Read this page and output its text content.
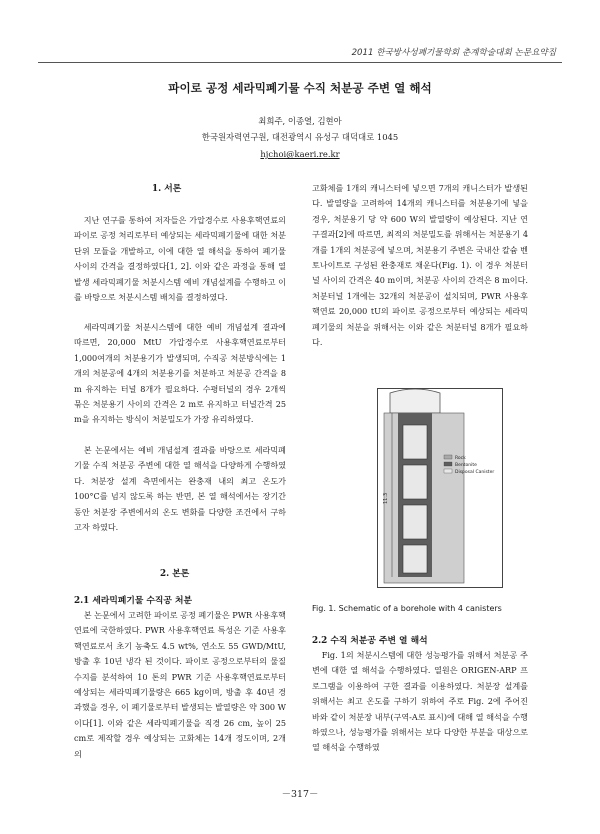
2011 한국방사성폐기물학회 춘계학술대회 논문요약집
파이로 공정 세라믹폐기물 수직 처분공 주변 열 해석
최희주, 이종열, 김현아
한국원자력연구원, 대전광역시 유성구 대덕대로 1045
hjchoi@kaeri.re.kr
1. 서론

지난 연구를 통하여 저자들은 가압경수로 사용후핵연료의 파이로 공정 처리로부터 예상되는 세라믹폐기물에 대한 처분 단위 모듈을 개발하고, 이에 대한 열 해석을 통하여 폐기물 사이의 간격을 결정하였다[1, 2]. 이와 같은 과정을 통해 열 발생 세라믹폐기물 처분시스템 예비 개념설계를 수행하고 이를 바탕으로 처분시스템 배치를 결정하였다.

세라믹폐기물 처분시스템에 대한 예비 개념설계 결과에 따르면, 20,000 MtU 가압경수로 사용후핵연료로부터 1,000여개의 처분용기가 발생되며, 수직공 처분방식에는 1개의 처분공에 4개의 처분용기를 처분하고 처분공 간격을 8 m 유지하는 터널 8개가 필요하다. 수평터널의 경우 2개씩 묶은 처분용기 사이의 간격은 2 m로 유지하고 터널간격 25 m을 유지하는 방식이 처분밀도가 가장 유리하였다.

본 논문에서는 예비 개념설계 결과를 바탕으로 세라믹폐기물 수직 처분공 주변에 대한 열 해석을 다양하게 수행하였다. 처분장 설계 측면에서는 완충재 내의 최고 온도가 100°C를 넘지 않도록 하는 반면, 본 열 해석에서는 장기간 동안 처분장 주변에서의 온도 변화를 다양한 조건에서 구하고자 하였다.

2. 본론
2.1 세라믹폐기물 수직공 처분

본 논문에서 고려한 파이로 공정 폐기물은 PWR 사용후핵연료에 국한하였다. PWR 사용후핵연료 특성은 기준 사용후핵연료로서 초기 농축도 4.5 wt%, 연소도 55 GWD/MtU, 방출 후 10년 냉각 된 것이다. 파이로 공정으로부터의 물질수지를 분석하여 10 톤의 PWR 기준 사용후핵연료로부터 예상되는 세라믹폐기물량은 665 kg이며, 방출 후 40년 경과했을 경우, 이 폐기물로부터 발생되는 발열량은 약 300 W이다[1]. 이와 같은 세라믹폐기물을 직경 26 cm, 높이 25 cm로 제작할 경우 예상되는 고화체는 14개 정도이며, 2개의

고화체를 1개의 캐니스터에 넣으면 7개의 캐니스터가 발생된다. 발열량을 고려하여 14개의 캐니스터를 처분용기에 넣을 경우, 처분용기 당 약 600 W의 발열량이 예상된다. 지난 연구결과[2]에 따르면, 최적의 처분밀도를 위해서는 처분용기 4개를 1개의 처분공에 넣으며, 처분용기 주변은 국내산 칼슘 벤토나이트로 구성된 완충재로 채운다(Fig. 1). 이 경우 처분터널 사이의 간격은 40 m이며, 처분공 사이의 간격은 8 m이다. 처분터널 1개에는 32개의 처분공이 설치되며, PWR 사용후핵연료 20,000 tU의 파이로 공정으로부터 예상되는 세라믹폐기물의 처분을 위해서는 이와 같은 처분터널 8개가 필요하다.

11.3
Rock
Bentonite
Disposal Canister
Fig. 1. Schematic of a borehole with 4 canisters
2.2 수직 처분공 주변 열 해석

Fig. 1의 처분시스템에 대한 성능평가를 위해서 처분공 주변에 대한 열 해석을 수행하였다. 열원은 ORIGEN-ARP 프로그램을 이용하여 구한 결과를 이용하였다. 처분장 설계를 위해서는 최고 온도를 구하기 위하여 주로 Fig. 2에 주어진 바와 같이 처분장 내부(구역-A로 표시)에 대해 열 해석을 수행하였으나, 성능평가를 위해서는 보다 다양한 부분을 대상으로 열 해석을 수행하였

－317－
